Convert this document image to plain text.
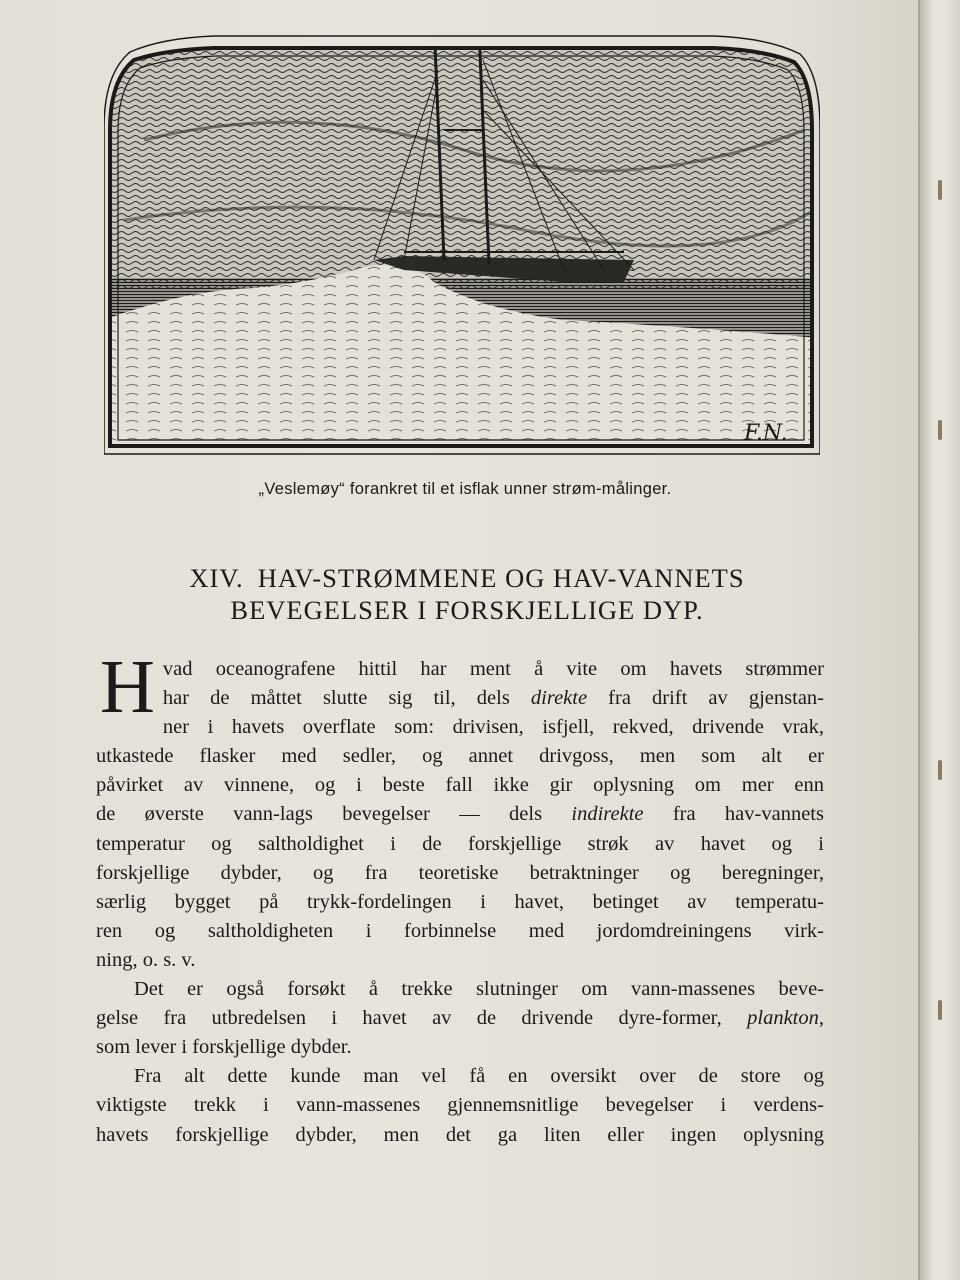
F.N.
„Veslemøy“ forankret til et isflak unner strøm-målinger.
XIV. HAV-STRØMMENE OG HAV-VANNETS
BEVEGELSER I FORSKJELLIGE DYP.
H vad oceanografene hittil har ment å vite om havets strømmer
har de måttet slutte sig til, dels direkte fra drift av gjenstan-
ner i havets overflate som: drivisen, isfjell, rekved, drivende vrak,
utkastede flasker med sedler, og annet drivgoss, men som alt er
påvirket av vinnene, og i beste fall ikke gir oplysning om mer enn
de øverste vann-lags bevegelser — dels indirekte fra hav-vannets
temperatur og saltholdighet i de forskjellige strøk av havet og i
forskjellige dybder, og fra teoretiske betraktninger og beregninger,
særlig bygget på trykk-fordelingen i havet, betinget av temperatu-
ren og saltholdigheten i forbinnelse med jordomdreiningens virk-
ning, o. s. v.
Det er også forsøkt å trekke slutninger om vann-massenes beve-
gelse fra utbredelsen i havet av de drivende dyre-former, plankton,
som lever i forskjellige dybder.
Fra alt dette kunde man vel få en oversikt over de store og
viktigste trekk i vann-massenes gjennemsnitlige bevegelser i verdens-
havets forskjellige dybder, men det ga liten eller ingen oplysning
